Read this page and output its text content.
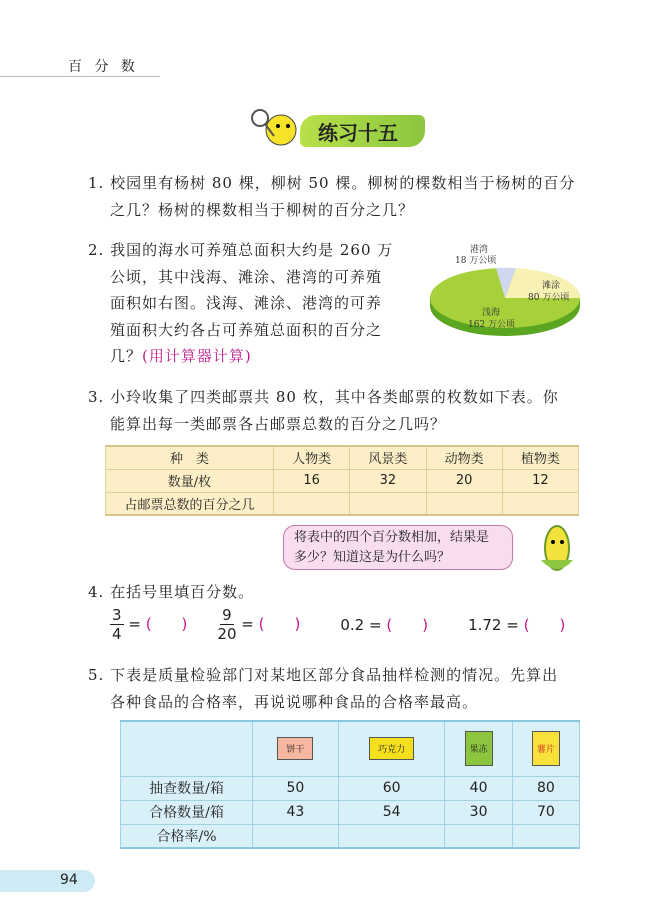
百 分 数
练习十五
1. 校园里有杨树 80 棵，柳树 50 棵。柳树的棵数相当于杨树的百分
之几？杨树的棵数相当于柳树的百分之几？
2. 我国的海水可养殖总面积大约是 260 万
公顷，其中浅海、滩涂、港湾的可养殖
面积如右图。浅海、滩涂、港湾的可养
殖面积大约各占可养殖总面积的百分之
几？(用计算器计算)
港湾
18 万公顷
滩涂
80 万公顷
浅海
162 万公顷
3. 小玲收集了四类邮票共 80 枚，其中各类邮票的枚数如下表。你
能算出每一类邮票各占邮票总数的百分之几吗？
种　类	人物类	风景类	动物类	植物类
数量/枚	16	32	20	12
占邮票总数的百分之几				
将表中的四个百分数相加，结果是
多少？知道这是为什么吗？
4. 在括号里填百分数。
$\frac{3}{4}$ = (　　) $\frac{9}{20}$ = (　　)	0.2 = (　　)	1.72 = (　　)
5. 下表是质量检验部门对某地区部分食品抽样检测的情况。先算出
各种食品的合格率，再说说哪种食品的合格率最高。
	饼干	巧克力	果冻	薯片
抽查数量/箱	50	60	40	80
合格数量/箱	43	54	30	70
合格率/%				
94
